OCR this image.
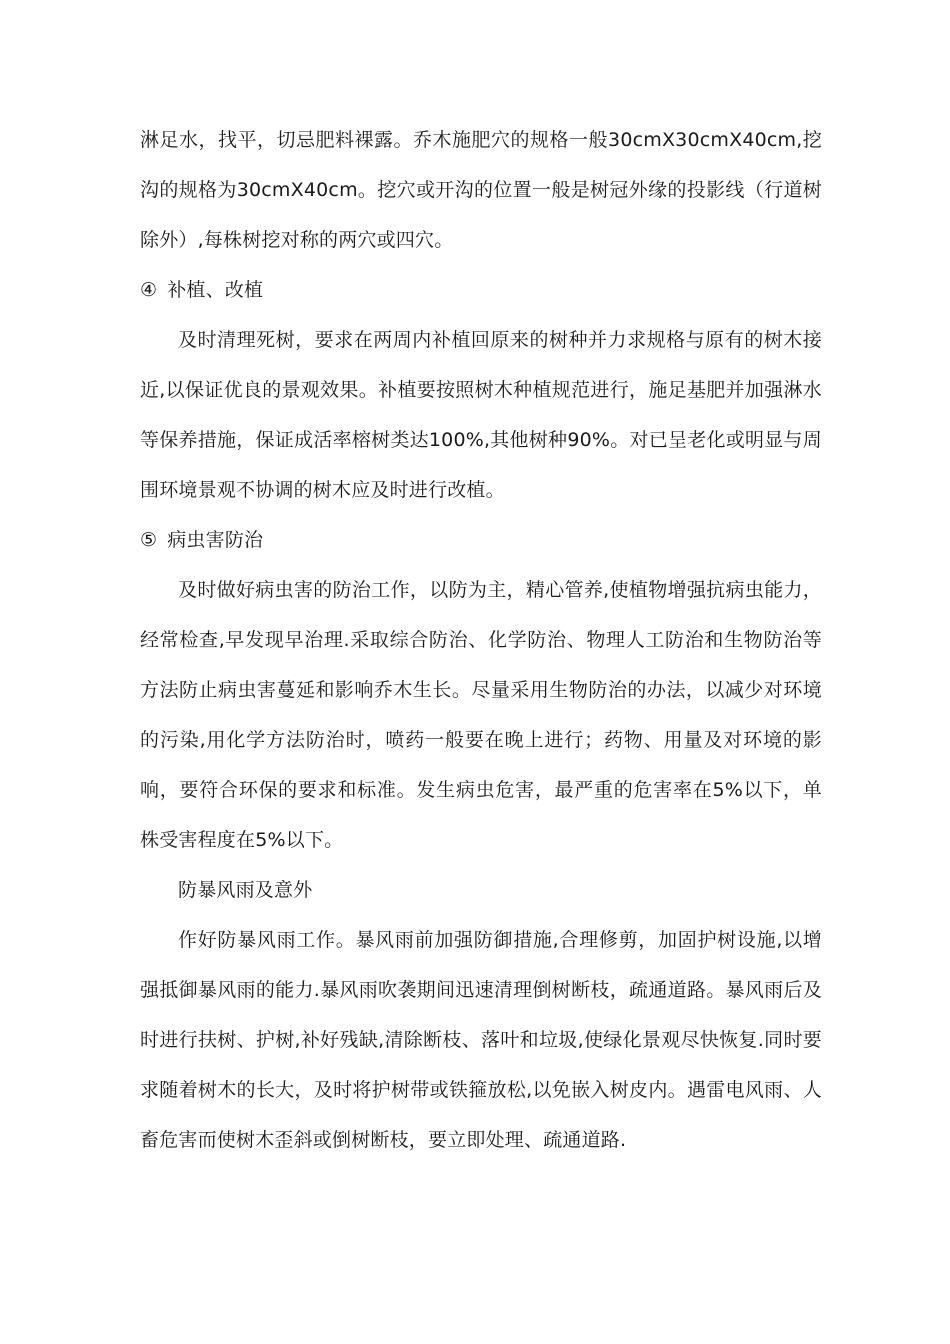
淋足水，找平，切忌肥料裸露。乔木施肥穴的规格一般30cmX30cmX40cm,挖沟的规格为30cmX40cm。挖穴或开沟的位置一般是树冠外缘的投影线（行道树除外）,每株树挖对称的两穴或四穴。

④ 补植、改植

及时清理死树，要求在两周内补植回原来的树种并力求规格与原有的树木接近,以保证优良的景观效果。补植要按照树木种植规范进行，施足基肥并加强淋水等保养措施，保证成活率榕树类达100%,其他树种90%。对已呈老化或明显与周围环境景观不协调的树木应及时进行改植。

⑤ 病虫害防治

及时做好病虫害的防治工作，以防为主，精心管养,使植物增强抗病虫能力，经常检查,早发现早治理.采取综合防治、化学防治、物理人工防治和生物防治等方法防止病虫害蔓延和影响乔木生长。尽量采用生物防治的办法，以减少对环境的污染,用化学方法防治时，喷药一般要在晚上进行；药物、用量及对环境的影响，要符合环保的要求和标准。发生病虫危害，最严重的危害率在5%以下，单株受害程度在5%以下。

防暴风雨及意外

作好防暴风雨工作。暴风雨前加强防御措施,合理修剪，加固护树设施,以增强抵御暴风雨的能力.暴风雨吹袭期间迅速清理倒树断枝，疏通道路。暴风雨后及时进行扶树、护树,补好残缺,清除断枝、落叶和垃圾,使绿化景观尽快恢复.同时要求随着树木的长大，及时将护树带或铁箍放松,以免嵌入树皮内。遇雷电风雨、人畜危害而使树木歪斜或倒树断枝，要立即处理、疏通道路.
